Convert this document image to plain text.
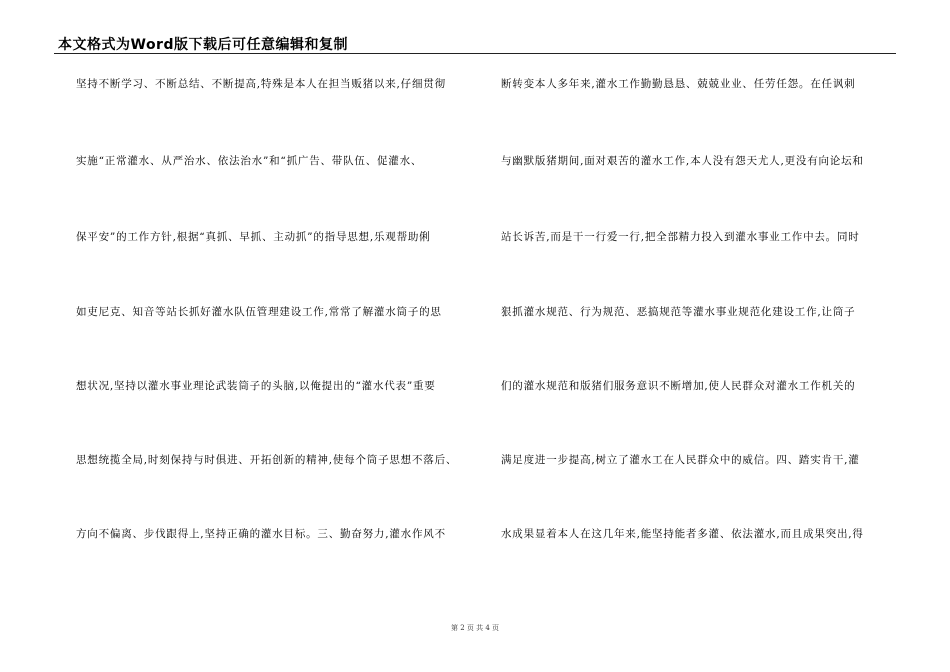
本文格式为Word版下载后可任意编辑和复制
坚持不断学习、不断总结、不断提高,特殊是本人在担当贩猪以来,仔细贯彻
实施“正常灌水、从严治水、依法治水”和“抓广告、带队伍、促灌水、
保平安”的工作方针,根据“真抓、早抓、主动抓”的指导思想,乐观帮助俐
如吏尼克、知音等站长抓好灌水队伍管理建设工作,常常了解灌水筒子的思
想状况,坚持以灌水事业理论武装筒子的头脑,以俺提出的“灌水代表”重要
思想统揽全局,时刻保持与时俱进、开拓创新的精神,使每个筒子思想不落后、
方向不偏离、步伐跟得上,坚持正确的灌水目标。三、勤奋努力,灌水作风不
断转变本人多年来,灌水工作勤勤恳恳、兢兢业业、任劳任怨。在任讽刺
与幽默版猪期间,面对艰苦的灌水工作,本人没有怨天尤人,更没有向论坛和
站长诉苦,而是干一行爱一行,把全部精力投入到灌水事业工作中去。同时
狠抓灌水规范、行为规范、恶搞规范等灌水事业规范化建设工作,让筒子
们的灌水规范和版猪们服务意识不断增加,使人民群众对灌水工作机关的
满足度进一步提高,树立了灌水工在人民群众中的威信。四、踏实肯干,灌
水成果显着本人在这几年来,能坚持能者多灌、依法灌水,而且成果突出,得
第 2 页 共 4 页
